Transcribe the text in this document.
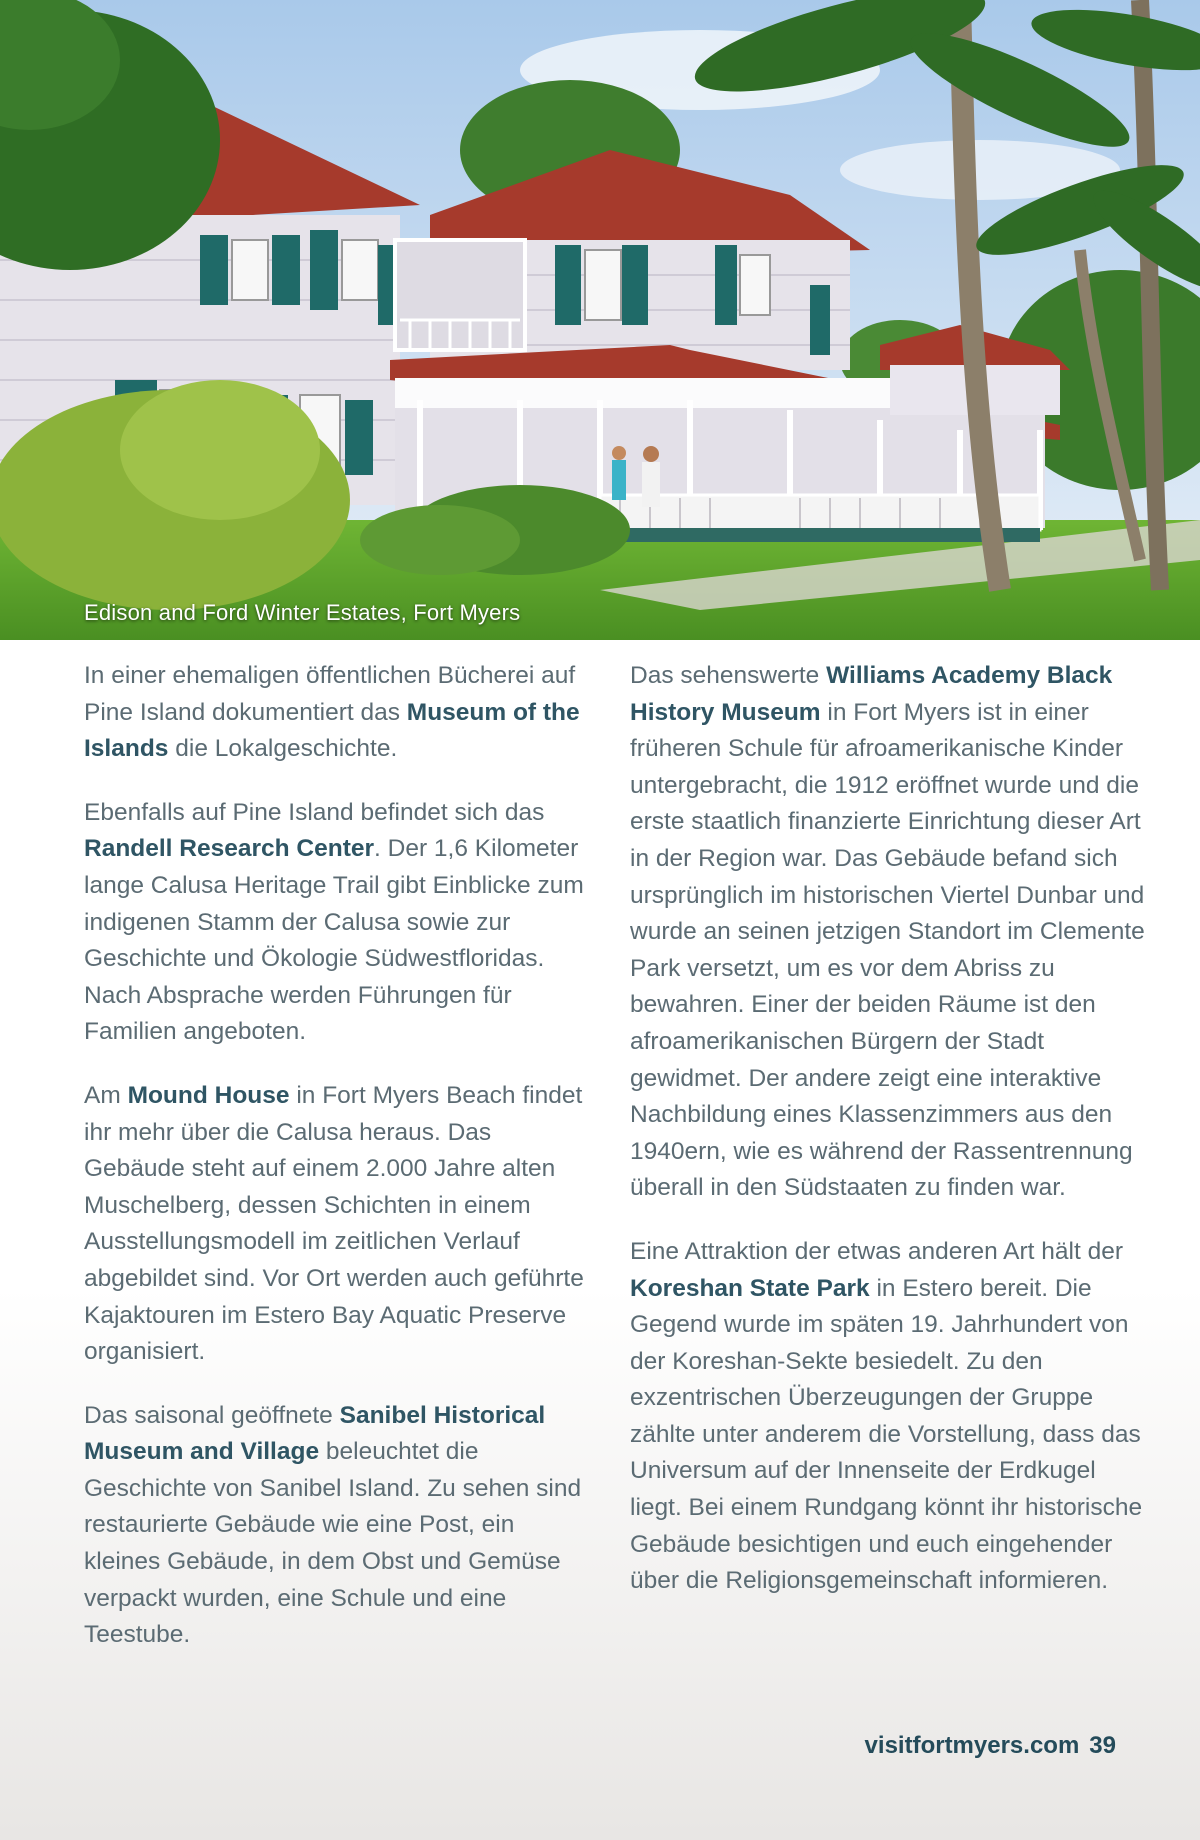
Edison and Ford Winter Estates, Fort Myers

In einer ehemaligen öffentlichen Bücherei auf Pine Island dokumentiert das Museum of the Islands die Lokalgeschichte.

Ebenfalls auf Pine Island befindet sich das Randell Research Center. Der 1,6 Kilometer lange Calusa Heritage Trail gibt Einblicke zum indigenen Stamm der Calusa sowie zur Geschichte und Ökologie Südwestfloridas. Nach Absprache werden Führungen für Familien angeboten.

Am Mound House in Fort Myers Beach findet ihr mehr über die Calusa heraus. Das Gebäude steht auf einem 2.000 Jahre alten Muschelberg, dessen Schichten in einem Ausstellungsmodell im zeitlichen Verlauf abgebildet sind. Vor Ort werden auch geführte Kajaktouren im Estero Bay Aquatic Preserve organisiert.

Das saisonal geöffnete Sanibel Historical Museum and Village beleuchtet die Geschichte von Sanibel Island. Zu sehen sind restaurierte Gebäude wie eine Post, ein kleines Gebäude, in dem Obst und Gemüse verpackt wurden, eine Schule und eine Teestube.

Das sehenswerte Williams Academy Black History Museum in Fort Myers ist in einer früheren Schule für afroamerikanische Kinder untergebracht, die 1912 eröffnet wurde und die erste staatlich finanzierte Einrichtung dieser Art in der Region war. Das Gebäude befand sich ursprünglich im historischen Viertel Dunbar und wurde an seinen jetzigen Standort im Clemente Park versetzt, um es vor dem Abriss zu bewahren. Einer der beiden Räume ist den afroamerikanischen Bürgern der Stadt gewidmet. Der andere zeigt eine interaktive Nachbildung eines Klassenzimmers aus den 1940ern, wie es während der Rassentrennung überall in den Südstaaten zu finden war.

Eine Attraktion der etwas anderen Art hält der Koreshan State Park in Estero bereit. Die Gegend wurde im späten 19. Jahrhundert von der Koreshan-Sekte besiedelt. Zu den exzentrischen Überzeugungen der Gruppe zählte unter anderem die Vorstellung, dass das Universum auf der Innenseite der Erdkugel liegt. Bei einem Rundgang könnt ihr historische Gebäude besichtigen und euch eingehender über die Religionsgemeinschaft informieren.

visitfortmyers.com 39
